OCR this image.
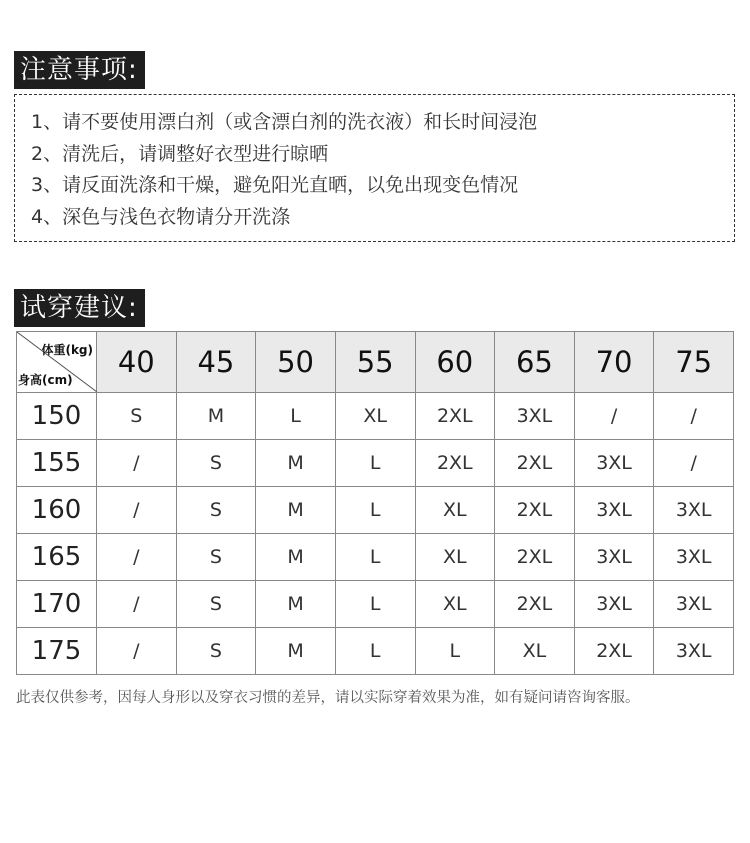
注意事项:
1、请不要使用漂白剂（或含漂白剂的洗衣液）和长时间浸泡
2、清洗后，请调整好衣型进行晾晒
3、请反面洗涤和干燥，避免阳光直晒，以免出现变色情况
4、深色与浅色衣物请分开洗涤
试穿建议:
体重(kg)
身高(cm)	40	45	50	55	60	65	70	75
150	S	M	L	XL	2XL	3XL	/	/
155	/	S	M	L	2XL	2XL	3XL	/
160	/	S	M	L	XL	2XL	3XL	3XL
165	/	S	M	L	XL	2XL	3XL	3XL
170	/	S	M	L	XL	2XL	3XL	3XL
175	/	S	M	L	L	XL	2XL	3XL
此表仅供参考，因每人身形以及穿衣习惯的差异，请以实际穿着效果为准，如有疑问请咨询客服。
